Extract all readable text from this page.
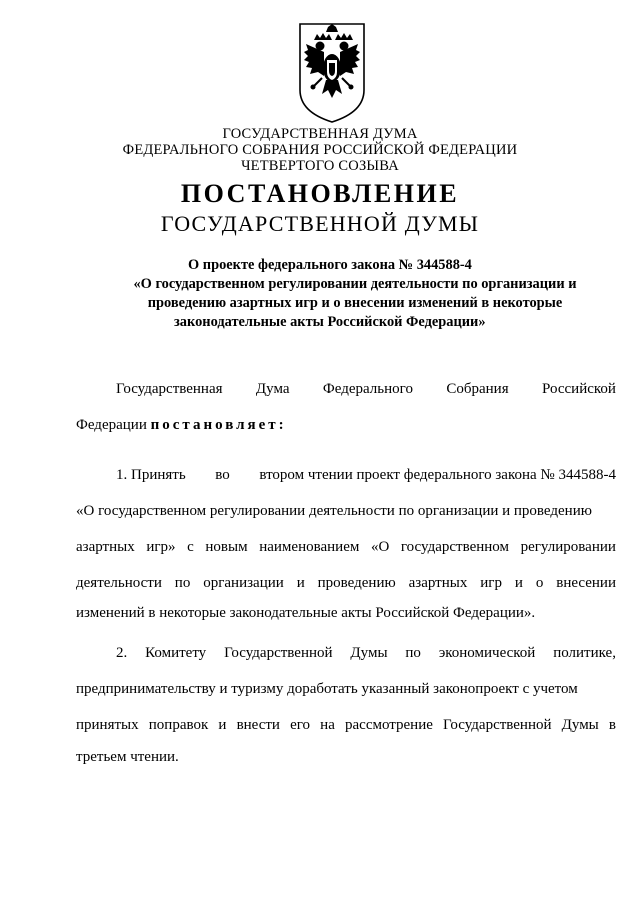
ГОСУДАРСТВЕННАЯ ДУМА
ФЕДЕРАЛЬНОГО СОБРАНИЯ РОССИЙСКОЙ ФЕДЕРАЦИИ
ЧЕТВЕРТОГО СОЗЫВА
ПОСТАНОВЛЕНИЕ
ГОСУДАРСТВЕННОЙ ДУМЫ
О проекте федерального закона № 344588-4
«О государственном регулировании деятельности по организации и
проведению азартных игр и о внесении изменений в некоторые
законодательные акты Российской Федерации»
Государственная Дума Федерального Собрания Российской
Федерации постановляет:
1. Принять во втором чтении проект федерального закона № 344588-4
«О государственном регулировании деятельности по организации и проведению
азартных игр» с новым наименованием «О государственном регулировании
деятельности по организации и проведению азартных игр и о внесении
изменений в некоторые законодательные акты Российской Федерации».
2. Комитету Государственной Думы по экономической политике,
предпринимательству и туризму доработать указанный законопроект с учетом
принятых поправок и внести его на рассмотрение Государственной Думы в
третьем чтении.
